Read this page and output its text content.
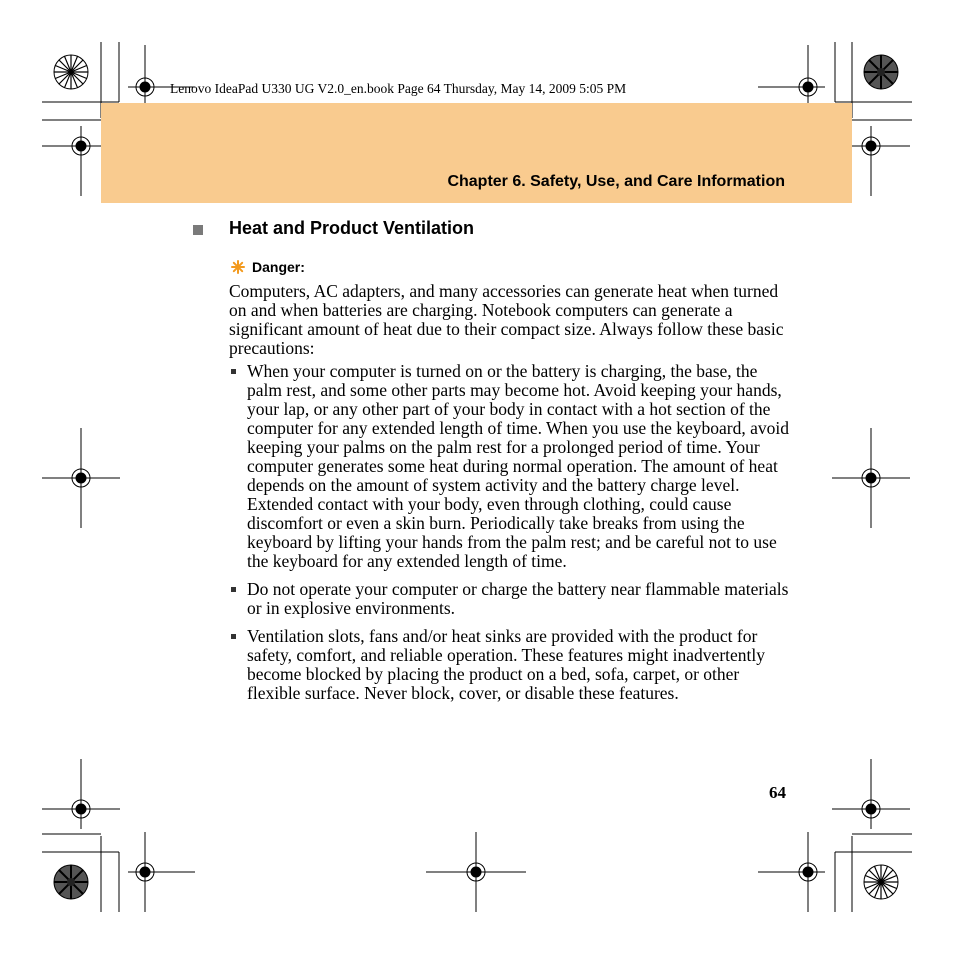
Lenovo IdeaPad U330 UG V2.0_en.book Page 64 Thursday, May 14, 2009 5:05 PM
Chapter 6. Safety, Use, and Care Information
Heat and Product Ventilation
Danger:

Computers, AC adapters, and many accessories can generate heat when turned on and when batteries are charging. Notebook computers can generate a significant amount of heat due to their compact size. Always follow these basic precautions:

When your computer is turned on or the battery is charging, the base, the palm rest, and some other parts may become hot. Avoid keeping your hands, your lap, or any other part of your body in contact with a hot section of the computer for any extended length of time. When you use the keyboard, avoid keeping your palms on the palm rest for a prolonged period of time. Your computer generates some heat during normal operation. The amount of heat depends on the amount of system activity and the battery charge level. Extended contact with your body, even through clothing, could cause discomfort or even a skin burn. Periodically take breaks from using the keyboard by lifting your hands from the palm rest; and be careful not to use the keyboard for any extended length of time.
Do not operate your computer or charge the battery near flammable materials or in explosive environments.
Ventilation slots, fans and/or heat sinks are provided with the product for safety, comfort, and reliable operation. These features might inadvertently become blocked by placing the product on a bed, sofa, carpet, or other flexible surface. Never block, cover, or disable these features.
64
